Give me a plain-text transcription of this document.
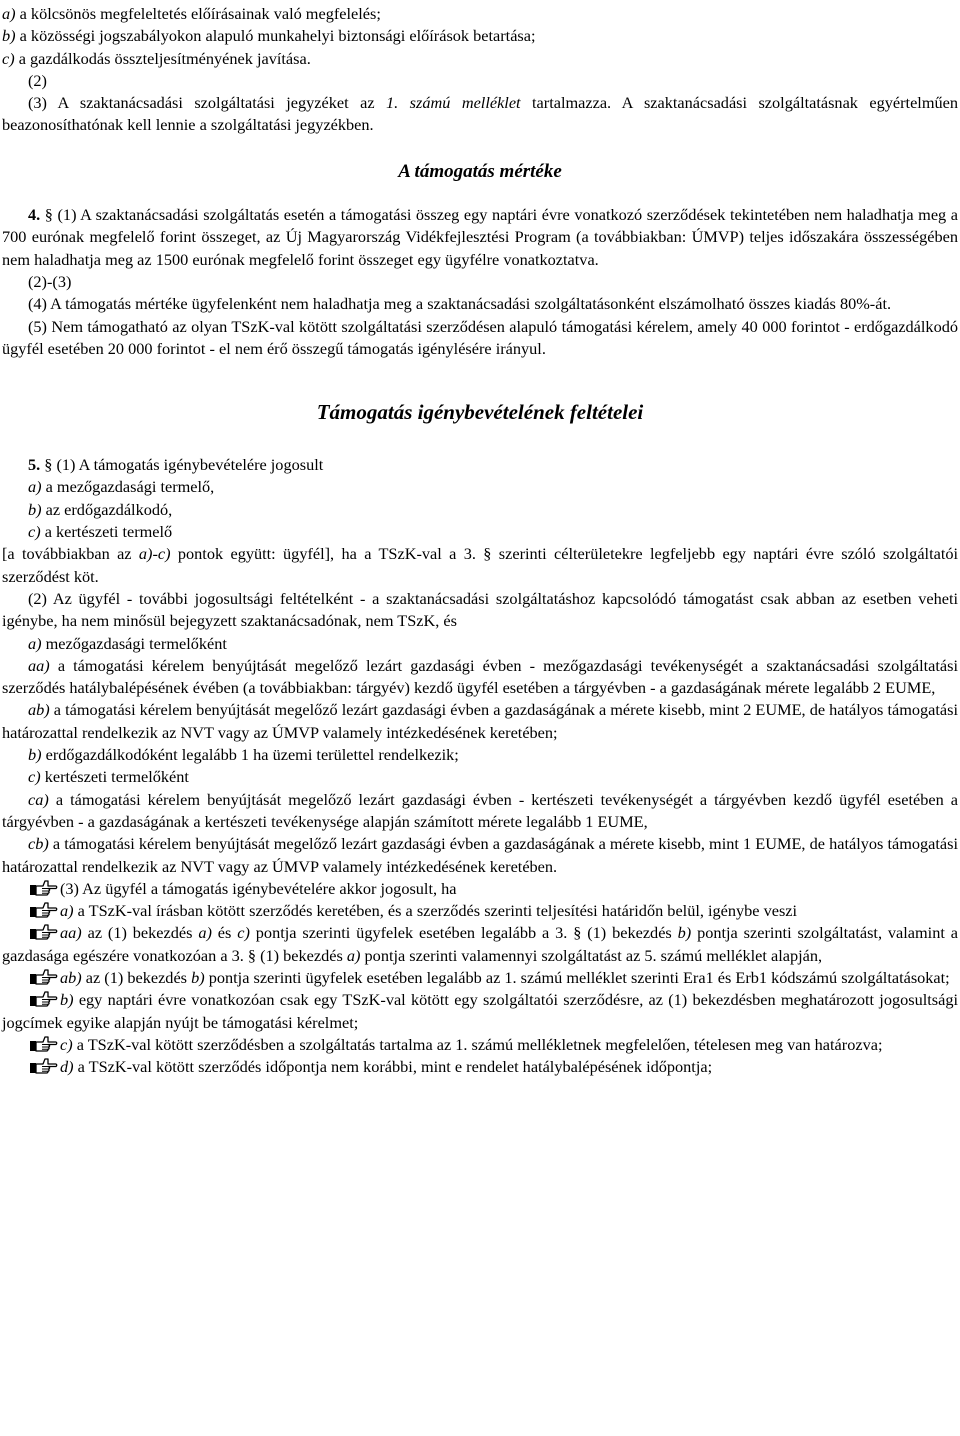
a) a kölcsönös megfeleltetés előírásainak való megfelelés;

b) a közösségi jogszabályokon alapuló munkahelyi biztonsági előírások betartása;

c) a gazdálkodás összteljesítményének javítása.

(2)

(3) A szaktanácsadási szolgáltatási jegyzéket az 1. számú melléklet tartalmazza. A szaktanácsadási szolgáltatásnak egyértelműen beazonosíthatónak kell lennie a szolgáltatási jegyzékben.

A támogatás mértéke

4. § (1) A szaktanácsadási szolgáltatás esetén a támogatási összeg egy naptári évre vonatkozó szerződések tekintetében nem haladhatja meg a 700 eurónak megfelelő forint összeget, az Új Magyarország Vidékfejlesztési Program (a továbbiakban: ÚMVP) teljes időszakára összességében nem haladhatja meg az 1500 eurónak megfelelő forint összeget egy ügyfélre vonatkoztatva.

(2)-(3)

(4) A támogatás mértéke ügyfelenként nem haladhatja meg a szaktanácsadási szolgáltatásonként elszámolható összes kiadás 80%-át.

(5) Nem támogatható az olyan TSzK-val kötött szolgáltatási szerződésen alapuló támogatási kérelem, amely 40 000 forintot - erdőgazdálkodó ügyfél esetében 20 000 forintot - el nem érő összegű támogatás igénylésére irányul.

Támogatás igénybevételének feltételei

5. § (1) A támogatás igénybevételére jogosult

a) a mezőgazdasági termelő,

b) az erdőgazdálkodó,

c) a kertészeti termelő

[a továbbiakban az a)-c) pontok együtt: ügyfél], ha a TSzK-val a 3. § szerinti célterületekre legfeljebb egy naptári évre szóló szolgáltatói szerződést köt.

(2) Az ügyfél - további jogosultsági feltételként - a szaktanácsadási szolgáltatáshoz kapcsolódó támogatást csak abban az esetben veheti igénybe, ha nem minősül bejegyzett szaktanácsadónak, nem TSzK, és

a) mezőgazdasági termelőként

aa) a támogatási kérelem benyújtását megelőző lezárt gazdasági évben - mezőgazdasági tevékenységét a szaktanácsadási szolgáltatási szerződés hatálybalépésének évében (a továbbiakban: tárgyév) kezdő ügyfél esetében a tárgyévben - a gazdaságának mérete legalább 2 EUME,

ab) a támogatási kérelem benyújtását megelőző lezárt gazdasági évben a gazdaságának a mérete kisebb, mint 2 EUME, de hatályos támogatási határozattal rendelkezik az NVT vagy az ÚMVP valamely intézkedésének keretében;

b) erdőgazdálkodóként legalább 1 ha üzemi területtel rendelkezik;

c) kertészeti termelőként

ca) a támogatási kérelem benyújtását megelőző lezárt gazdasági évben - kertészeti tevékenységét a tárgyévben kezdő ügyfél esetében a tárgyévben - a gazdaságának a kertészeti tevékenysége alapján számított mérete legalább 1 EUME,

cb) a támogatási kérelem benyújtását megelőző lezárt gazdasági évben a gazdaságának a mérete kisebb, mint 1 EUME, de hatályos támogatási határozattal rendelkezik az NVT vagy az ÚMVP valamely intézkedésének keretében.

(3) Az ügyfél a támogatás igénybevételére akkor jogosult, ha

a) a TSzK-val írásban kötött szerződés keretében, és a szerződés szerinti teljesítési határidőn belül, igénybe veszi

aa) az (1) bekezdés a) és c) pontja szerinti ügyfelek esetében legalább a 3. § (1) bekezdés b) pontja szerinti szolgáltatást, valamint a gazdasága egészére vonatkozóan a 3. § (1) bekezdés a) pontja szerinti valamennyi szolgáltatást az 5. számú melléklet alapján,

ab) az (1) bekezdés b) pontja szerinti ügyfelek esetében legalább az 1. számú melléklet szerinti Era1 és Erb1 kódszámú szolgáltatásokat;

b) egy naptári évre vonatkozóan csak egy TSzK-val kötött egy szolgáltatói szerződésre, az (1) bekezdésben meghatározott jogosultsági jogcímek egyike alapján nyújt be támogatási kérelmet;

c) a TSzK-val kötött szerződésben a szolgáltatás tartalma az 1. számú mellékletnek megfelelően, tételesen meg van határozva;

d) a TSzK-val kötött szerződés időpontja nem korábbi, mint e rendelet hatálybalépésének időpontja;
